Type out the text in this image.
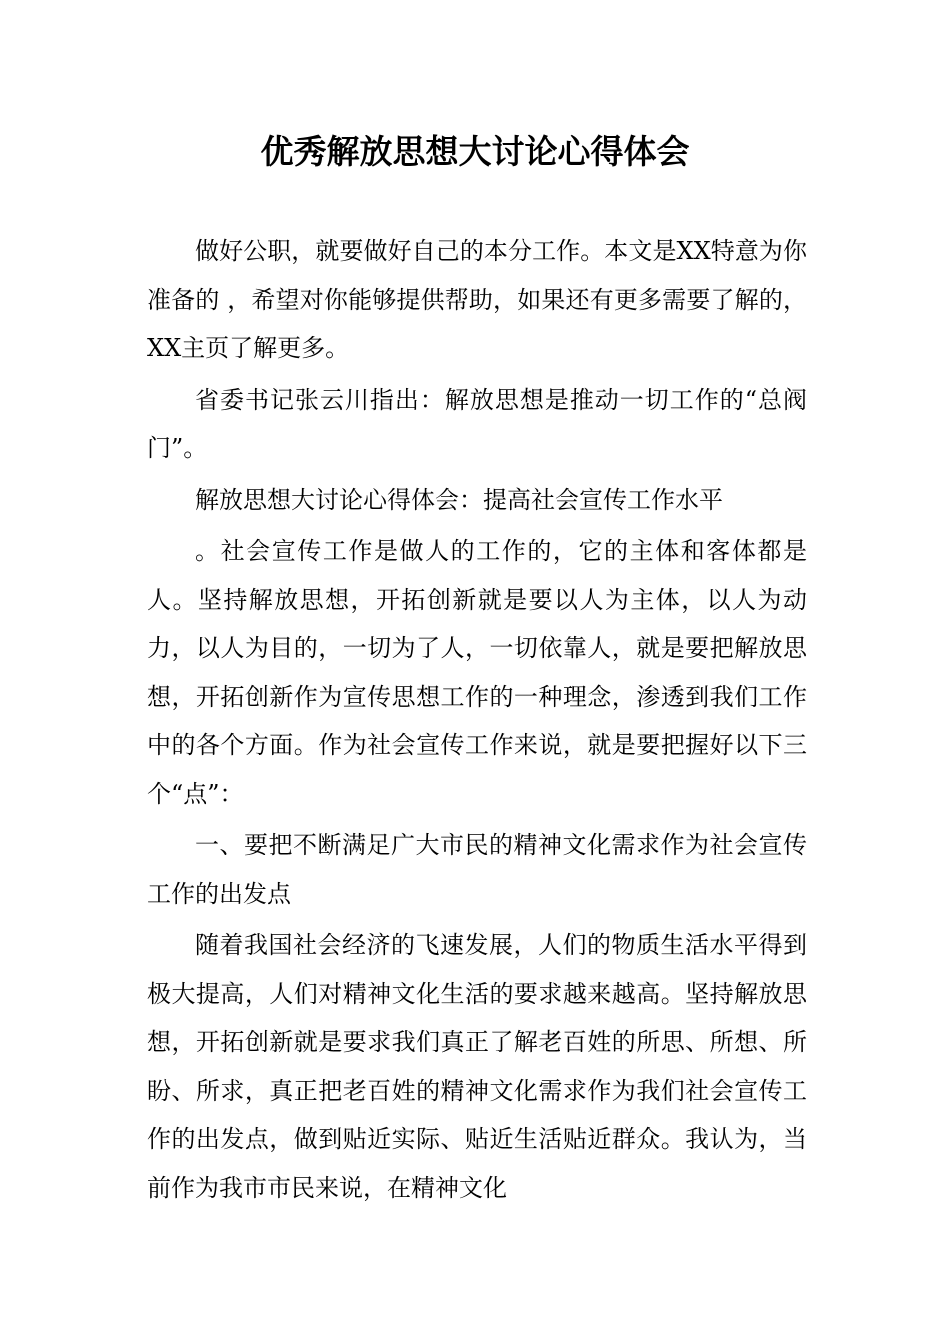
优秀解放思想大讨论心得体会

做好公职，就要做好自己的本分工作。本文是XX特意为你准备的 ，希望对你能够提供帮助，如果还有更多需要了解的，XX主页了解更多。

省委书记张云川指出：解放思想是推动一切工作的“总阀门”。

解放思想大讨论心得体会：提高社会宣传工作水平

。社会宣传工作是做人的工作的，它的主体和客体都是人。坚持解放思想，开拓创新就是要以人为主体，以人为动力，以人为目的，一切为了人，一切依靠人，就是要把解放思想，开拓创新作为宣传思想工作的一种理念，渗透到我们工作中的各个方面。作为社会宣传工作来说，就是要把握好以下三个“点”：

一、要把不断满足广大市民的精神文化需求作为社会宣传工作的出发点

随着我国社会经济的飞速发展，人们的物质生活水平得到极大提高，人们对精神文化生活的要求越来越高。坚持解放思想，开拓创新就是要求我们真正了解老百姓的所思、所想、所盼、所求，真正把老百姓的精神文化需求作为我们社会宣传工作的出发点，做到贴近实际、贴近生活贴近群众。我认为，当前作为我市市民来说，在精神文化
